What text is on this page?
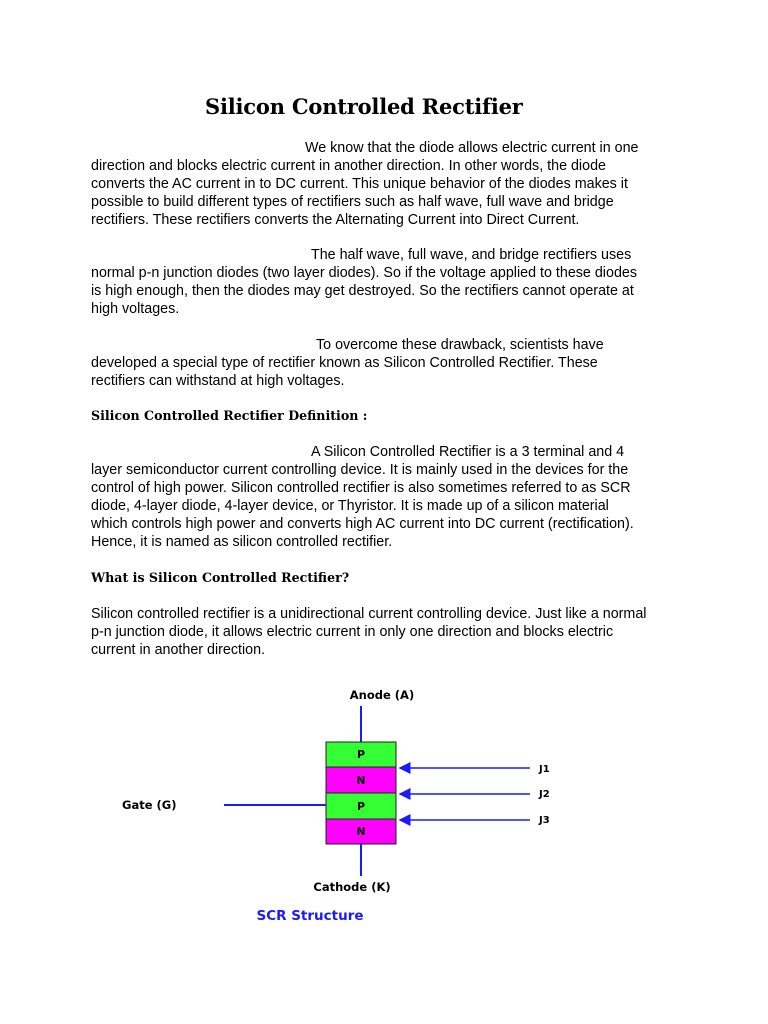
Silicon Controlled Rectifier
We know that the diode allows electric current in one
direction and blocks electric current in another direction. In other words, the diode
converts the AC current in to DC current. This unique behavior of the diodes makes it
possible to build different types of rectifiers such as half wave, full wave and bridge
rectifiers. These rectifiers converts the Alternating Current into Direct Current.
The half wave, full wave, and bridge rectifiers uses
normal p-n junction diodes (two layer diodes). So if the voltage applied to these diodes
is high enough, then the diodes may get destroyed. So the rectifiers cannot operate at
high voltages.
To overcome these drawback, scientists have
developed a special type of rectifier known as Silicon Controlled Rectifier. These
rectifiers can withstand at high voltages.
Silicon Controlled Rectifier Definition :
A Silicon Controlled Rectifier is a 3 terminal and 4
layer semiconductor current controlling device. It is mainly used in the devices for the
control of high power. Silicon controlled rectifier is also sometimes referred to as SCR
diode, 4-layer diode, 4-layer device, or Thyristor. It is made up of a silicon material
which controls high power and converts high AC current into DC current (rectification).
Hence, it is named as silicon controlled rectifier.
What is Silicon Controlled Rectifier?
Silicon controlled rectifier is a unidirectional current controlling device. Just like a normal
p-n junction diode, it allows electric current in only one direction and blocks electric
current in another direction.
Anode (A)
P
N
P
N
Gate (G)
J1
J2
J3
Cathode (K)
SCR Structure
